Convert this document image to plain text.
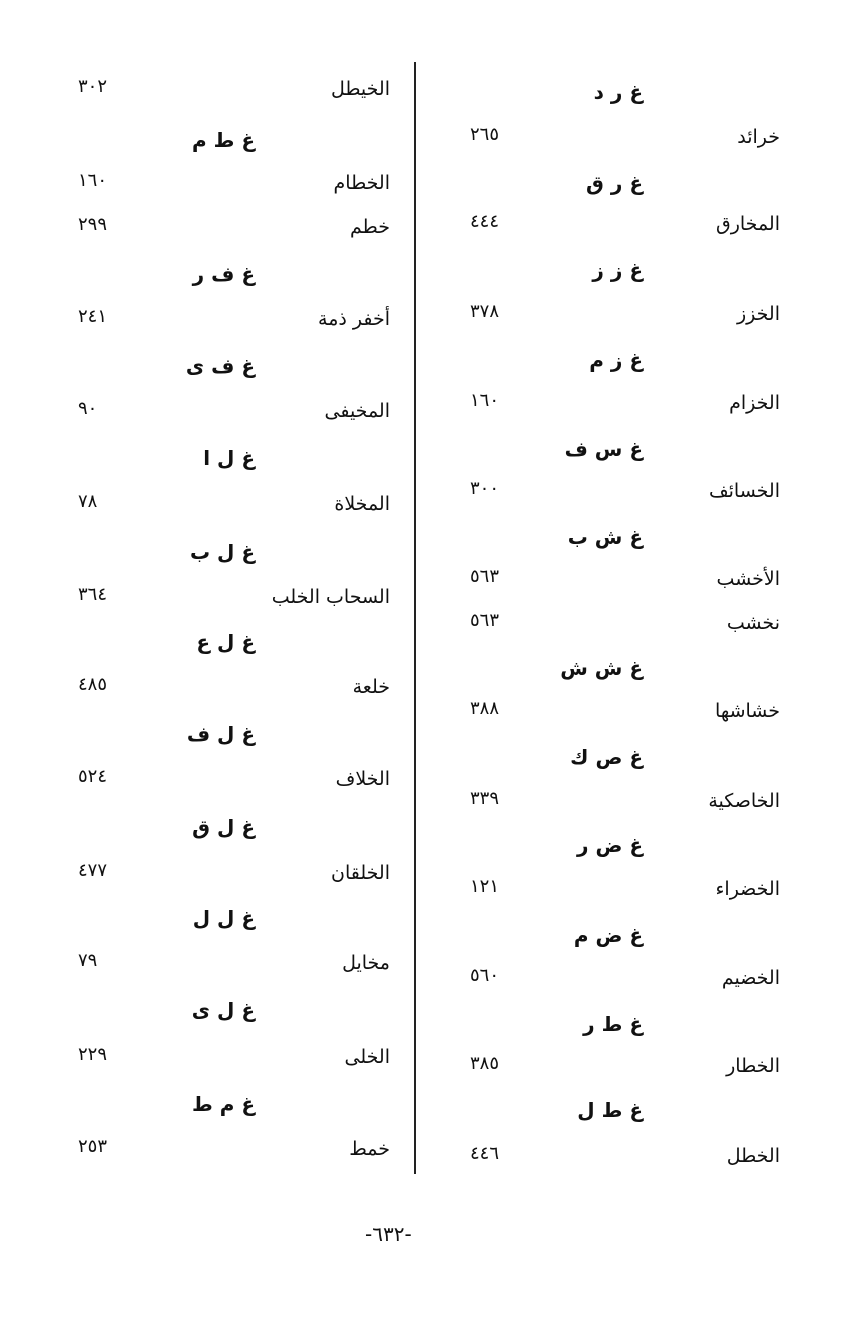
غ ر د
خرائد
٢٦٥
غ ر ق
المخارق
٤٤٤
غ ز ز
الخزز
٣٧٨
غ ز م
الخزام
١٦٠
غ س ف
الخسائف
٣٠٠
غ ش ب
الأخشب
٥٦٣
نخشب
٥٦٣
غ ش ش
خشاشها
٣٨٨
غ ص ك
الخاصكية
٣٣٩
غ ض ر
الخضراء
١٢١
غ ض م
الخضيم
٥٦٠
غ ط ر
الخطار
٣٨٥
غ ط ل
الخطل
٤٤٦
الخيطل
٣٠٢
غ ط م
الخطام
١٦٠
خطم
٢٩٩
غ ف ر
أخفر ذمة
٢٤١
غ ف ى
المخيفى
٩٠
غ ل ا
المخلاة
٧٨
غ ل ب
السحاب الخلب
٣٦٤
غ ل ع
خلعة
٤٨٥
غ ل ف
الخلاف
٥٢٤
غ ل ق
الخلقان
٤٧٧
غ ل ل
مخايل
٧٩
غ ل ى
الخلى
٢٢٩
غ م ط
خمط
٢٥٣
-٦٣٢-
